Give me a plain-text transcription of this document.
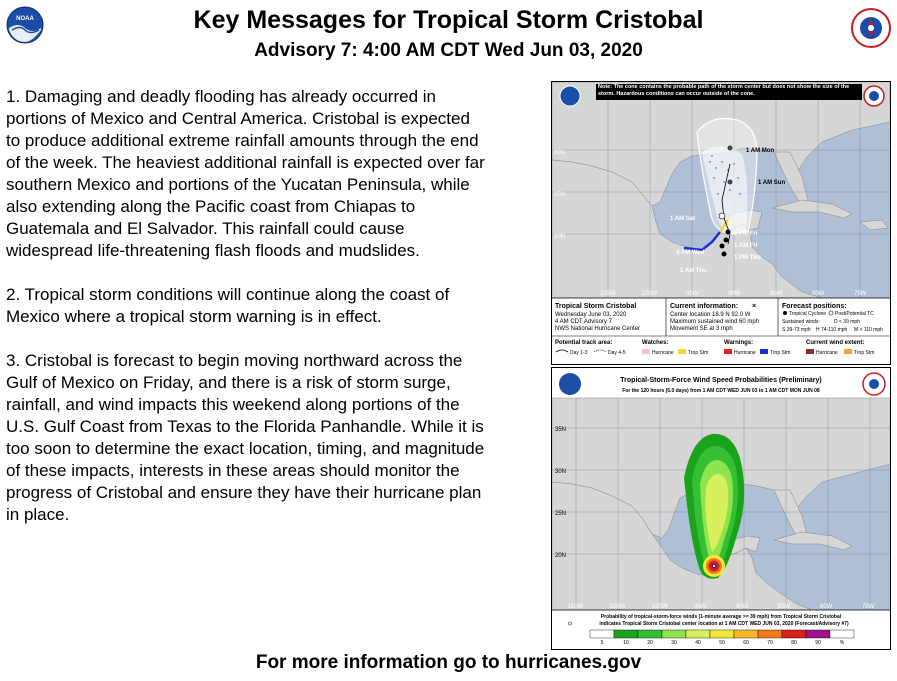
NOAA	Key Messages for Tropical Storm Cristobal
Advisory 7: 4:00 AM CDT Wed Jun 03, 2020

1. Damaging and deadly flooding has already occurred in portions of Mexico and Central America. Cristobal is expected to produce additional extreme rainfall amounts through the end of the week. The heaviest additional rainfall is expected over far southern Mexico and portions of the Yucatan Peninsula, while also extending along the Pacific coast from Chiapas to Guatemala and El Salvador. This rainfall could cause widespread life-threatening flash floods and mudslides.

2. Tropical storm conditions will continue along the coast of Mexico where a tropical storm warning is in effect.

3. Cristobal is forecast to begin moving northward across the Gulf of Mexico on Friday, and there is a risk of storm surge, rainfall, and wind impacts this weekend along portions of the U.S. Gulf Coast from Texas to the Florida Panhandle. While it is too soon to determine the exact location, timing, and magnitude of these impacts, interests in these areas should monitor the progress of Cristobal and ensure they have their hurricane plan in place.

1 AM Mon
1 AM Sun
1 AM Sat
1 PM Fri
1 AM Fri
4 AM Wed
1 PM Thu
1 AM Thu
30N
25N
20N
105W	100W	95W	90W	85W	80W	75W
Note: The cone contains the probable path of the storm center but does not show the size of the storm. Hazardous conditions can occur outside of the cone.
Tropical Storm Cristobal
Wednesday June 03, 2020
4 AM CDT Advisory 7
NWS National Hurricane Center
Current information: ×
Center location 18.9 N 92.0 W
Maximum sustained wind 60 mph
Movement SE at 3 mph
Forecast positions:
Tropical Cyclone Post/Potential TC
Sustained winds:	D < 39 mph
S 39-73 mph H 74-110 mph M > 110 mph
Potential track area:
Day 1-3	Day 4-5
Watches:
Hurricane	Trop Stm
Warnings:
Hurricane	Trop Stm
Current wind extent:
Hurricane	Trop Stm
Tropical-Storm-Force Wind Speed Probabilities (Preliminary)
For the 120 hours (5.0 days) from 1 AM CDT WED JUN 03 to 1 AM CDT MON JUN 08
35N
30N
25N
20N
110W	105W	100W	95W	90W	85W	80W	75W
Probability of tropical-storm-force winds (1-minute average >= 39 mph) from Tropical Storm Cristobal
indicates Tropical Storm Cristobal center location at 1 AM CDT WED JUN 03, 2020 (Forecast/Advisory #7)
5	10	20	30	40	50	60	70	80	90	%
For more information go to hurricanes.gov
